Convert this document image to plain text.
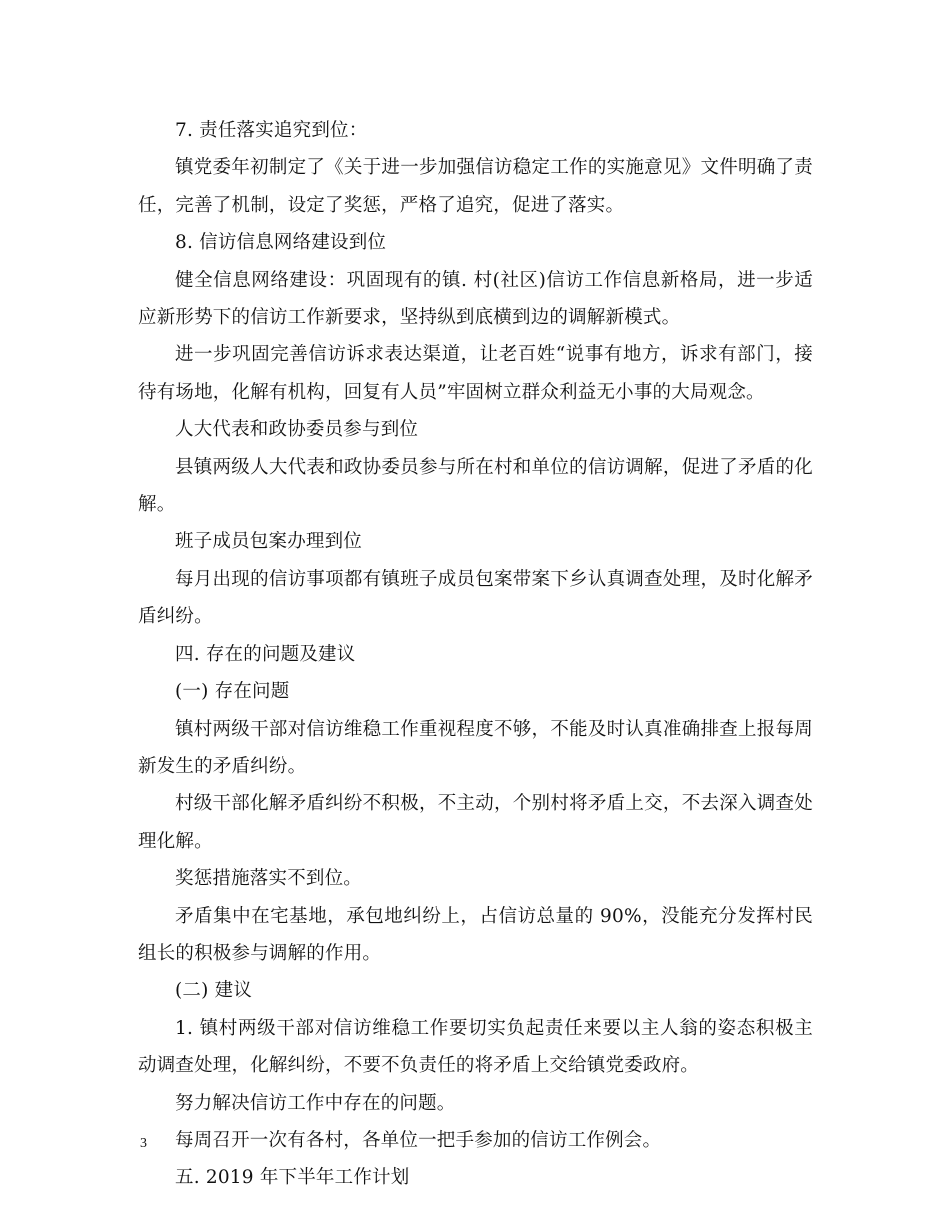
7. 责任落实追究到位：

镇党委年初制定了《关于进一步加强信访稳定工作的实施意见》文件明确了责任，完善了机制，设定了奖惩，严格了追究，促进了落实。

8. 信访信息网络建设到位

健全信息网络建设：巩固现有的镇. 村(社区)信访工作信息新格局，进一步适应新形势下的信访工作新要求，坚持纵到底横到边的调解新模式。

进一步巩固完善信访诉求表达渠道，让老百姓“说事有地方，诉求有部门，接待有场地，化解有机构，回复有人员”牢固树立群众利益无小事的大局观念。

人大代表和政协委员参与到位

县镇两级人大代表和政协委员参与所在村和单位的信访调解，促进了矛盾的化解。

班子成员包案办理到位

每月出现的信访事项都有镇班子成员包案带案下乡认真调查处理，及时化解矛盾纠纷。

四. 存在的问题及建议

(一) 存在问题

镇村两级干部对信访维稳工作重视程度不够，不能及时认真准确排查上报每周新发生的矛盾纠纷。

村级干部化解矛盾纠纷不积极，不主动，个别村将矛盾上交，不去深入调查处理化解。

奖惩措施落实不到位。

矛盾集中在宅基地，承包地纠纷上，占信访总量的 90%，没能充分发挥村民组长的积极参与调解的作用。

(二) 建议

1. 镇村两级干部对信访维稳工作要切实负起责任来要以主人翁的姿态积极主动调查处理，化解纠纷，不要不负责任的将矛盾上交给镇党委政府。

努力解决信访工作中存在的问题。

每周召开一次有各村，各单位一把手参加的信访工作例会。

五. 2019 年下半年工作计划

3
